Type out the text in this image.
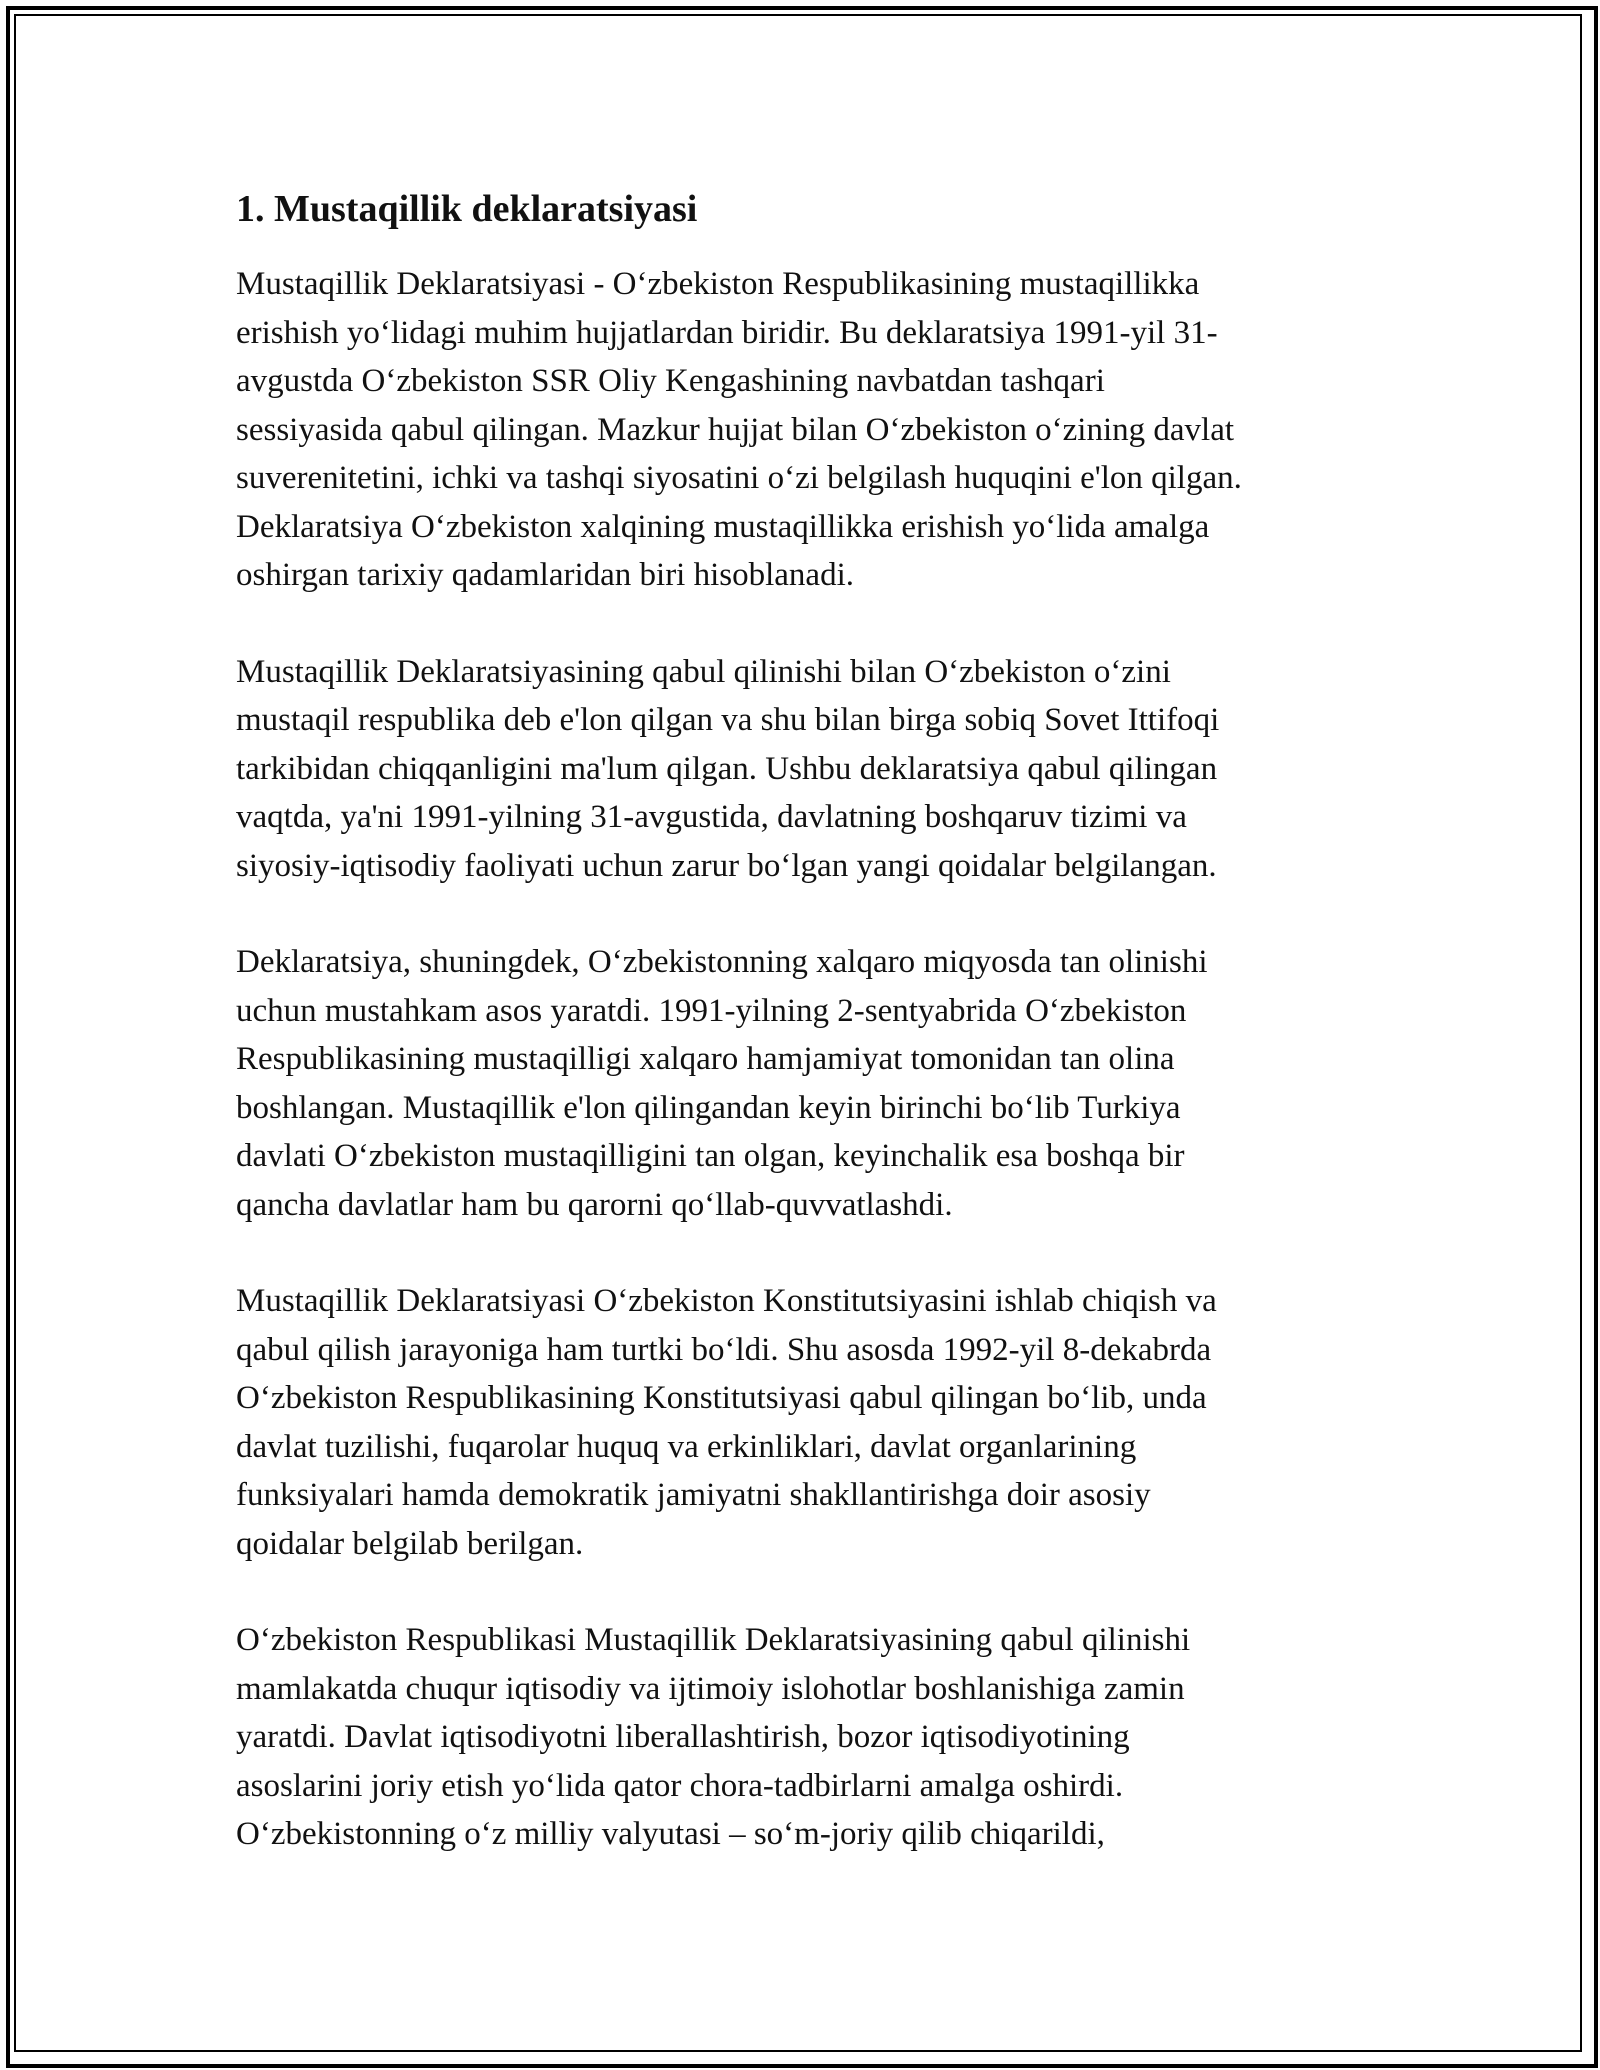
1. Mustaqillik deklaratsiyasi

Mustaqillik Deklaratsiyasi - O‘zbekiston Respublikasining mustaqillikka
erishish yo‘lidagi muhim hujjatlardan biridir. Bu deklaratsiya 1991-yil 31-
avgustda O‘zbekiston SSR Oliy Kengashining navbatdan tashqari
sessiyasida qabul qilingan. Mazkur hujjat bilan O‘zbekiston o‘zining davlat
suverenitetini, ichki va tashqi siyosatini o‘zi belgilash huquqini e'lon qilgan.
Deklaratsiya O‘zbekiston xalqining mustaqillikka erishish yo‘lida amalga
oshirgan tarixiy qadamlaridan biri hisoblanadi.

Mustaqillik Deklaratsiyasining qabul qilinishi bilan O‘zbekiston o‘zini
mustaqil respublika deb e'lon qilgan va shu bilan birga sobiq Sovet Ittifoqi
tarkibidan chiqqanligini ma'lum qilgan. Ushbu deklaratsiya qabul qilingan
vaqtda, ya'ni 1991-yilning 31-avgustida, davlatning boshqaruv tizimi va
siyosiy-iqtisodiy faoliyati uchun zarur bo‘lgan yangi qoidalar belgilangan.

Deklaratsiya, shuningdek, O‘zbekistonning xalqaro miqyosda tan olinishi
uchun mustahkam asos yaratdi. 1991-yilning 2-sentyabrida O‘zbekiston
Respublikasining mustaqilligi xalqaro hamjamiyat tomonidan tan olina
boshlangan. Mustaqillik e'lon qilingandan keyin birinchi bo‘lib Turkiya
davlati O‘zbekiston mustaqilligini tan olgan, keyinchalik esa boshqa bir
qancha davlatlar ham bu qarorni qo‘llab-quvvatlashdi.

Mustaqillik Deklaratsiyasi O‘zbekiston Konstitutsiyasini ishlab chiqish va
qabul qilish jarayoniga ham turtki bo‘ldi. Shu asosda 1992-yil 8-dekabrda
O‘zbekiston Respublikasining Konstitutsiyasi qabul qilingan bo‘lib, unda
davlat tuzilishi, fuqarolar huquq va erkinliklari, davlat organlarining
funksiyalari hamda demokratik jamiyatni shakllantirishga doir asosiy
qoidalar belgilab berilgan.

O‘zbekiston Respublikasi Mustaqillik Deklaratsiyasining qabul qilinishi
mamlakatda chuqur iqtisodiy va ijtimoiy islohotlar boshlanishiga zamin
yaratdi. Davlat iqtisodiyotni liberallashtirish, bozor iqtisodiyotining
asoslarini joriy etish yo‘lida qator chora-tadbirlarni amalga oshirdi.
O‘zbekistonning o‘z milliy valyutasi – so‘m-joriy qilib chiqarildi,
